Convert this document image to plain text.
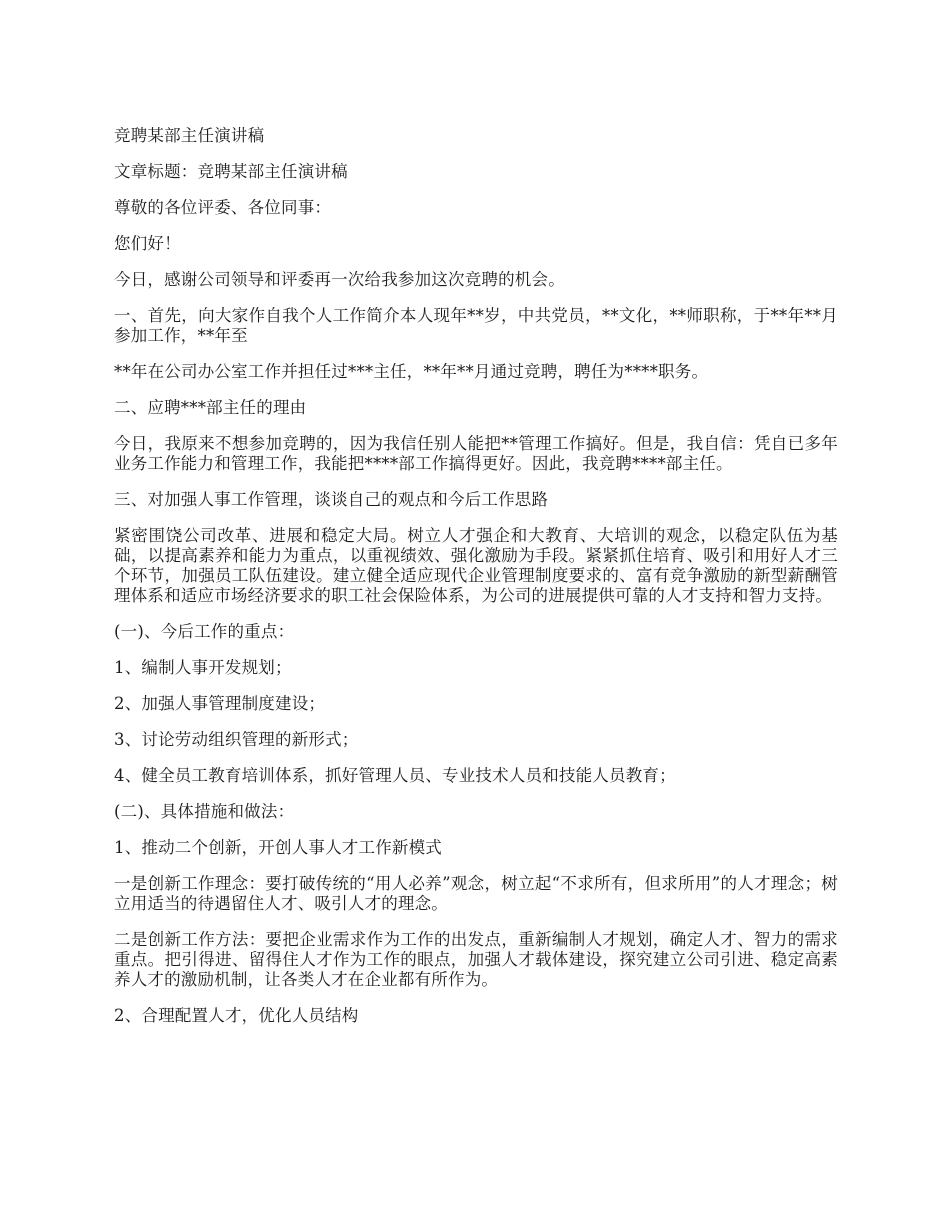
竞聘某部主任演讲稿

文章标题：竞聘某部主任演讲稿

尊敬的各位评委、各位同事：

您们好！

今日，感谢公司领导和评委再一次给我参加这次竞聘的机会。

一、首先，向大家作自我个人工作简介本人现年**岁，中共党员，**文化，**师职称，于**年**月参加工作，**年至

**年在公司办公室工作并担任过***主任，**年**月通过竞聘，聘任为****职务。

二、应聘***部主任的理由

今日，我原来不想参加竞聘的，因为我信任别人能把**管理工作搞好。但是，我自信：凭自已多年业务工作能力和管理工作，我能把****部工作搞得更好。因此，我竞聘****部主任。

三、对加强人事工作管理，谈谈自己的观点和今后工作思路

紧密围饶公司改革、进展和稳定大局。树立人才强企和大教育、大培训的观念，以稳定队伍为基础，以提高素养和能力为重点，以重视绩效、强化激励为手段。紧紧抓住培育、吸引和用好人才三个环节，加强员工队伍建设。建立健全适应现代企业管理制度要求的、富有竞争激励的新型薪酬管理体系和适应市场经济要求的职工社会保险体系，为公司的进展提供可靠的人才支持和智力支持。

(一)、今后工作的重点：

1、编制人事开发规划；

2、加强人事管理制度建设；

3、讨论劳动组织管理的新形式；

4、健全员工教育培训体系，抓好管理人员、专业技术人员和技能人员教育；

(二)、具体措施和做法：

1、推动二个创新，开创人事人才工作新模式

一是创新工作理念：要打破传统的“用人必养”观念，树立起“不求所有，但求所用”的人才理念；树立用适当的待遇留住人才、吸引人才的理念。

二是创新工作方法：要把企业需求作为工作的出发点，重新编制人才规划，确定人才、智力的需求重点。把引得进、留得住人才作为工作的眼点，加强人才载体建设，探究建立公司引进、稳定高素养人才的激励机制，让各类人才在企业都有所作为。

2、合理配置人才，优化人员结构
